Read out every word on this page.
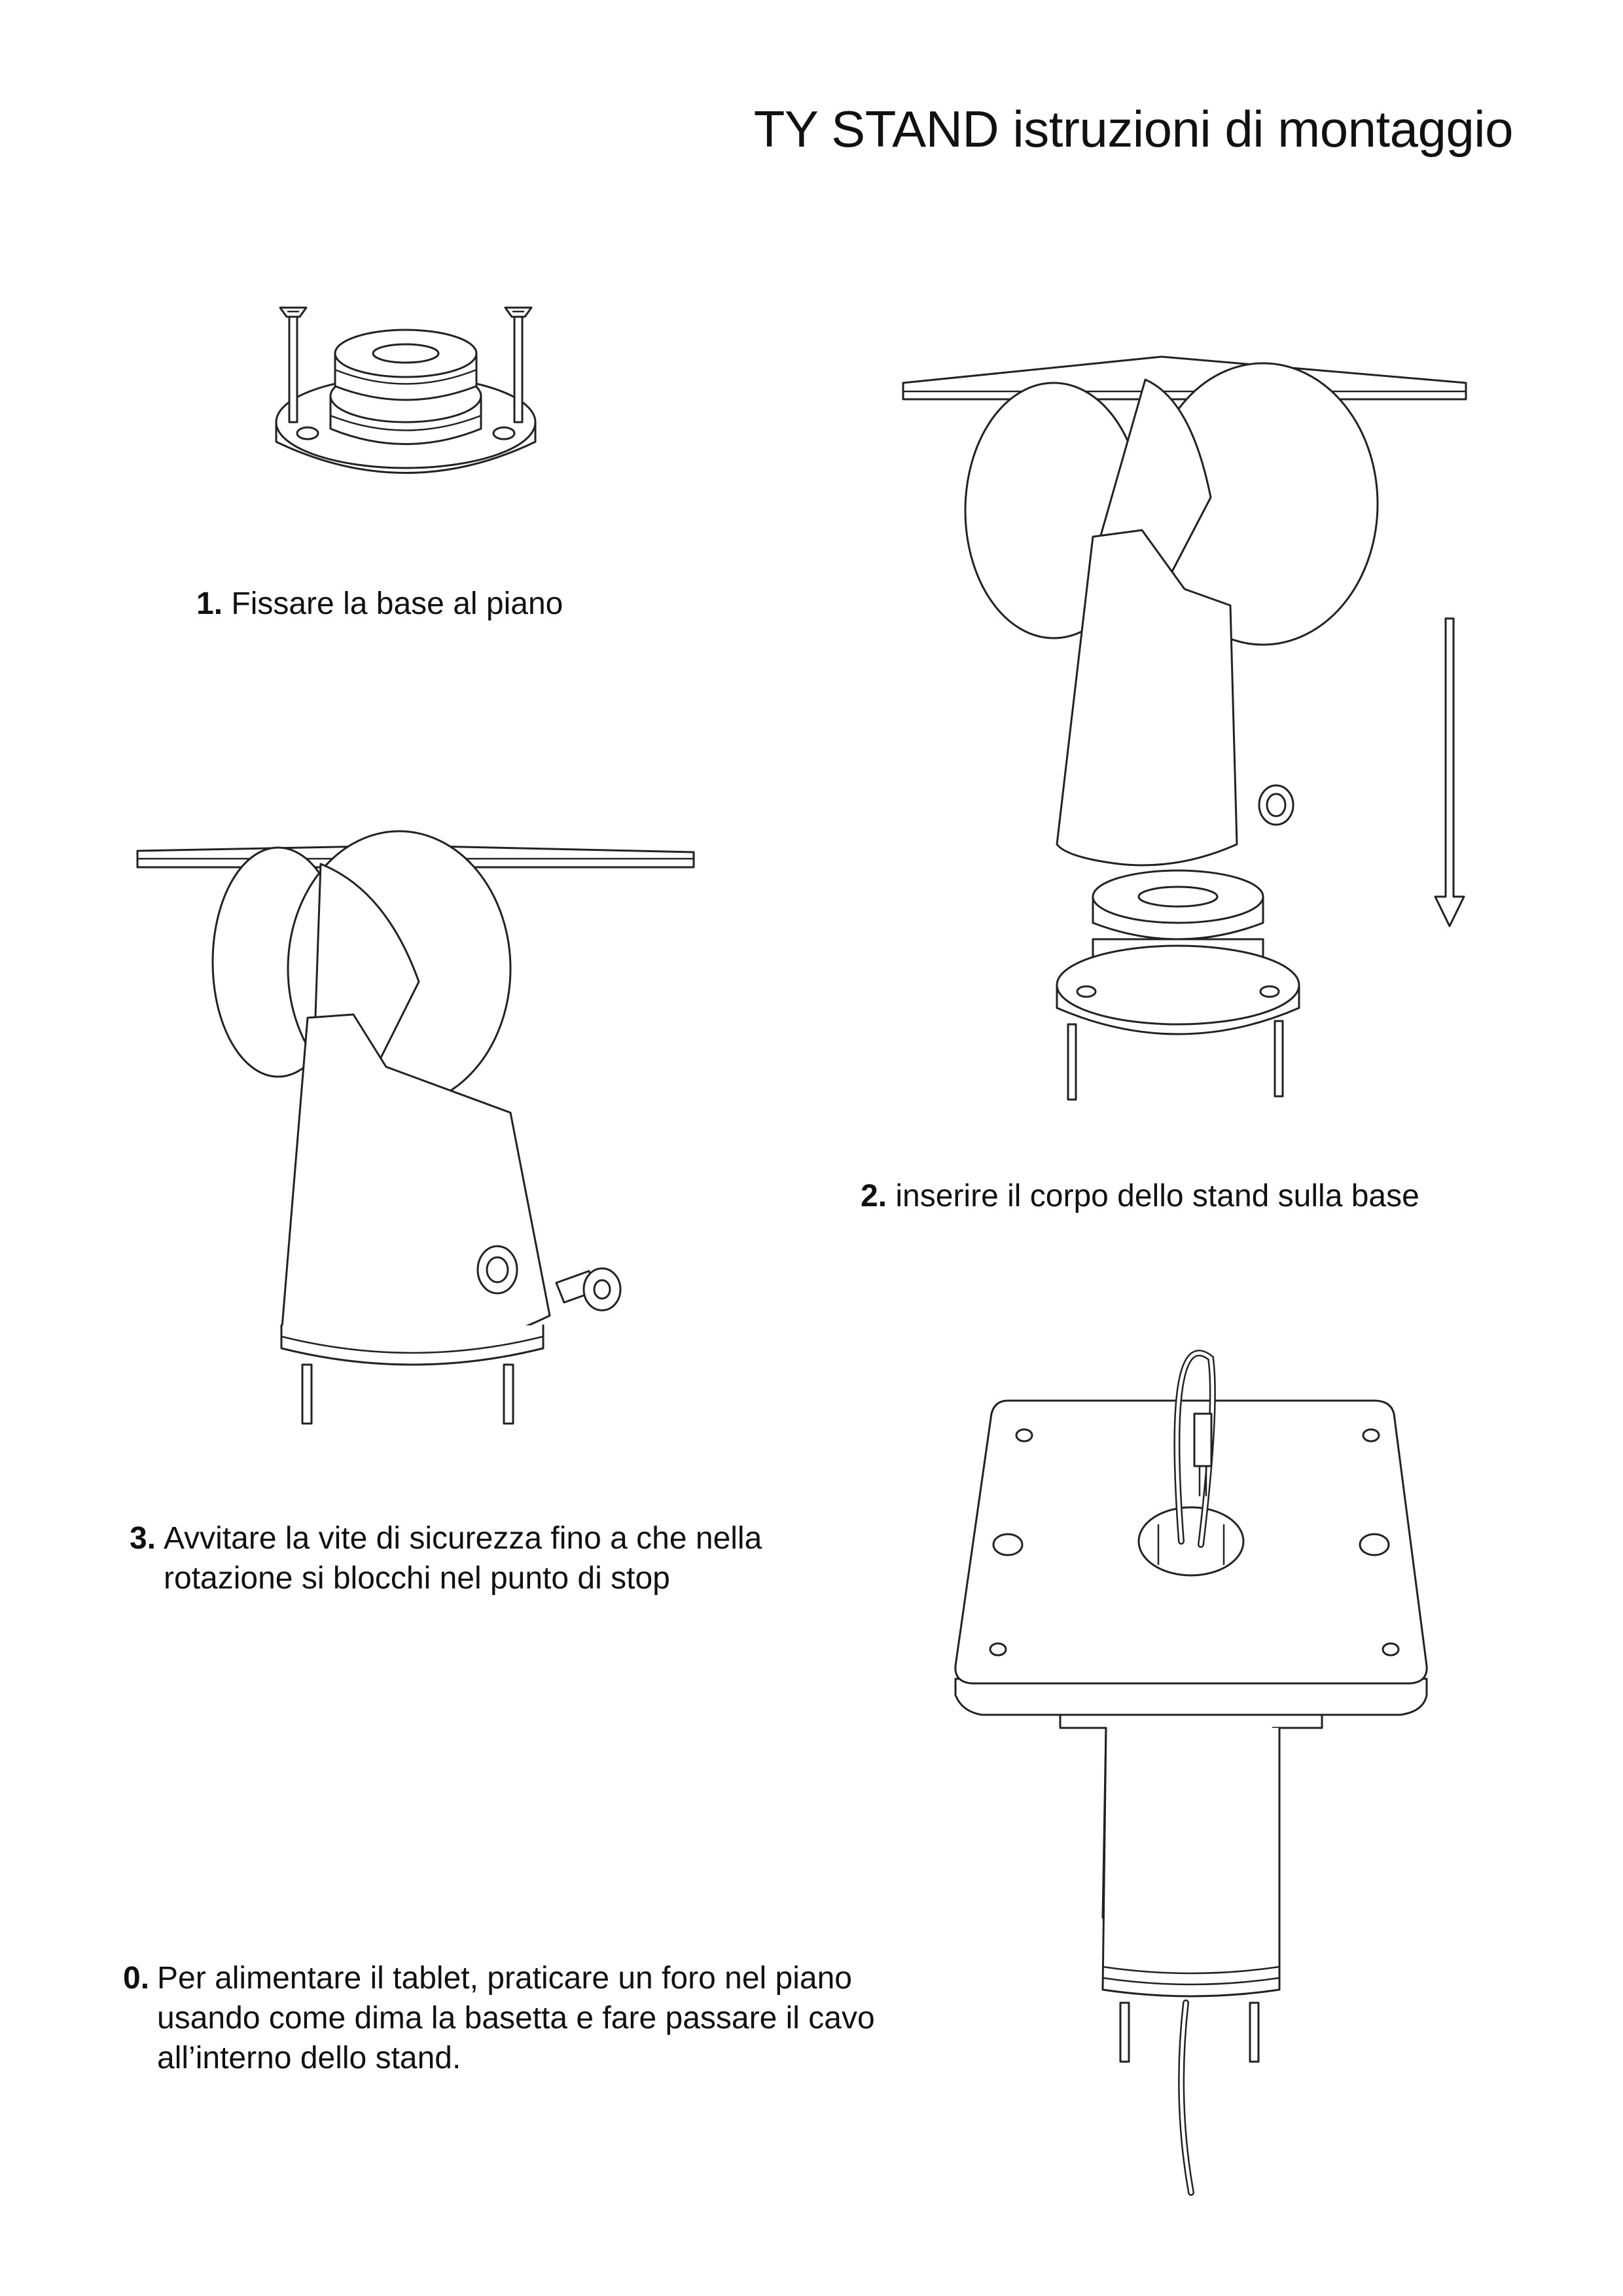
TY STAND istruzioni di montaggio
1. Fissare la base al piano
2. inserire il corpo dello stand sulla base
3. Avvitare la vite di sicurezza fino a che nella rotazione si blocchi nel punto di stop
0. Per alimentare il tablet, praticare un foro nel piano usando come dima la basetta e fare passare il cavo all’interno dello stand.
